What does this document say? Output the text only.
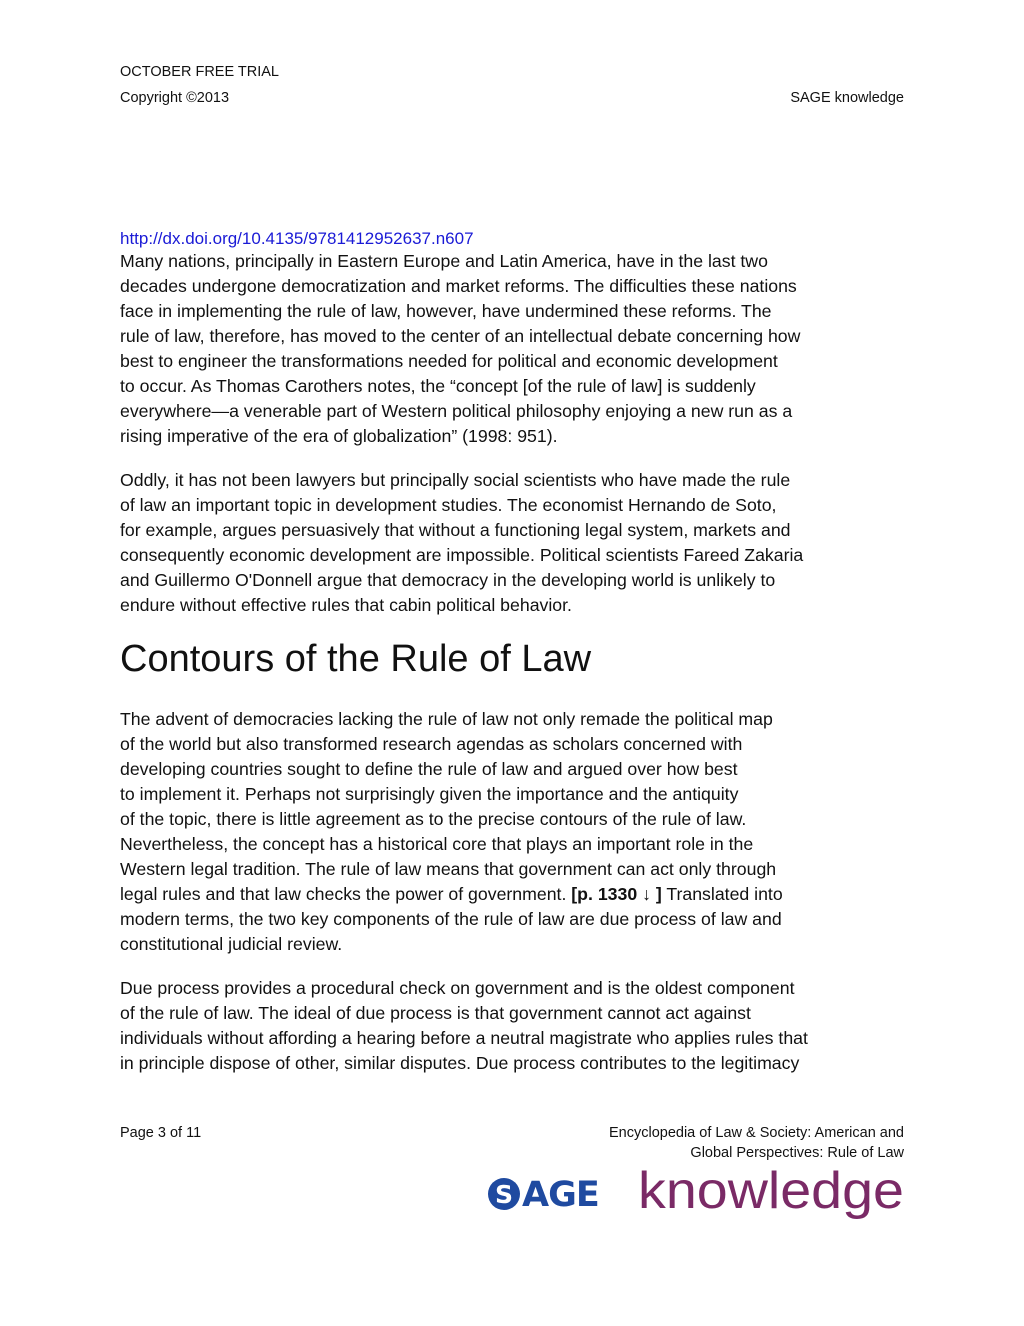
OCTOBER FREE TRIAL
Copyright ©2013	SAGE knowledge
http://dx.doi.org/10.4135/9781412952637.n607

Many nations, principally in Eastern Europe and Latin America, have in the last two
decades undergone democratization and market reforms. The difficulties these nations
face in implementing the rule of law, however, have undermined these reforms. The
rule of law, therefore, has moved to the center of an intellectual debate concerning how
best to engineer the transformations needed for political and economic development
to occur. As Thomas Carothers notes, the “concept [of the rule of law] is suddenly
everywhere—a venerable part of Western political philosophy enjoying a new run as a
rising imperative of the era of globalization” (1998: 951).

Oddly, it has not been lawyers but principally social scientists who have made the rule
of law an important topic in development studies. The economist Hernando de Soto,
for example, argues persuasively that without a functioning legal system, markets and
consequently economic development are impossible. Political scientists Fareed Zakaria
and Guillermo O'Donnell argue that democracy in the developing world is unlikely to
endure without effective rules that cabin political behavior.

Contours of the Rule of Law

The advent of democracies lacking the rule of law not only remade the political map
of the world but also transformed research agendas as scholars concerned with
developing countries sought to define the rule of law and argued over how best
to implement it. Perhaps not surprisingly given the importance and the antiquity
of the topic, there is little agreement as to the precise contours of the rule of law.
Nevertheless, the concept has a historical core that plays an important role in the
Western legal tradition. The rule of law means that government can act only through
legal rules and that law checks the power of government. [p. 1330 ↓ ] Translated into
modern terms, the two key components of the rule of law are due process of law and
constitutional judicial review.

Due process provides a procedural check on government and is the oldest component
of the rule of law. The ideal of due process is that government cannot act against
individuals without affording a hearing before a neutral magistrate who applies rules that
in principle dispose of other, similar disputes. Due process contributes to the legitimacy

Page 3 of 11	Encyclopedia of Law & Society: American and
Global Perspectives: Rule of Law
S AGE knowledge
